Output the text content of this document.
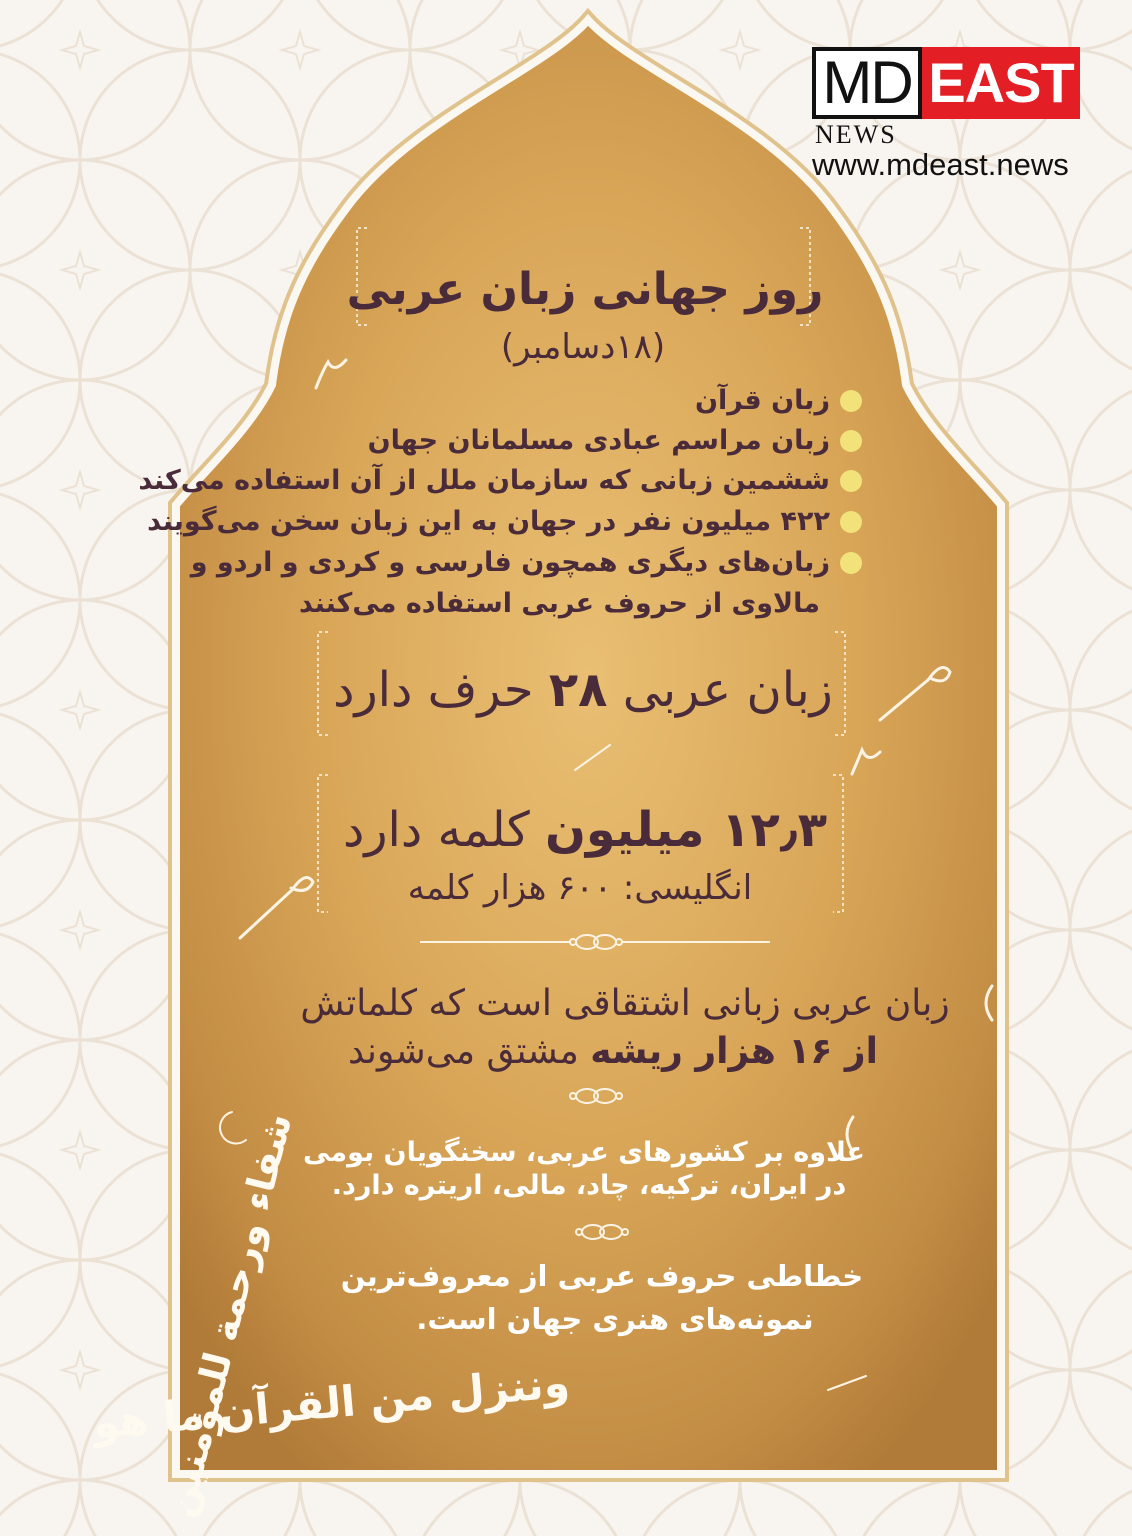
MD EAST
NEWS
www.mdeast.news
روز جهانی زبان عربی
(۱۸دسامبر)
زبان قرآن
زبان مراسم عبادی مسلمانان جهان
ششمین زبانی که سازمان ملل از آن استفاده می‌کند
۴۲۲ میلیون نفر در جهان به این زبان سخن می‌گویند
زبان‌های دیگری همچون فارسی و کردی و اردو و
مالاوی از حروف عربی استفاده می‌کنند
زبان عربی ۲۸ حرف دارد
۱۲٫۳ میلیون کلمه دارد
انگلیسی: ۶۰۰ هزار کلمه
زبان عربی زبانی اشتقاقی است که کلماتش
از ۱۶ هزار ریشه مشتق می‌شوند
علاوه بر کشورهای عربی، سخنگویان بومی
در ایران، ترکیه، چاد، مالی، اریتره دارد.
خطاطی حروف عربی از معروف‌ترین
نمونه‌های هنری جهان است.
شفاء ورحمة للمؤمنين
وننزل من القرآن ما هو
